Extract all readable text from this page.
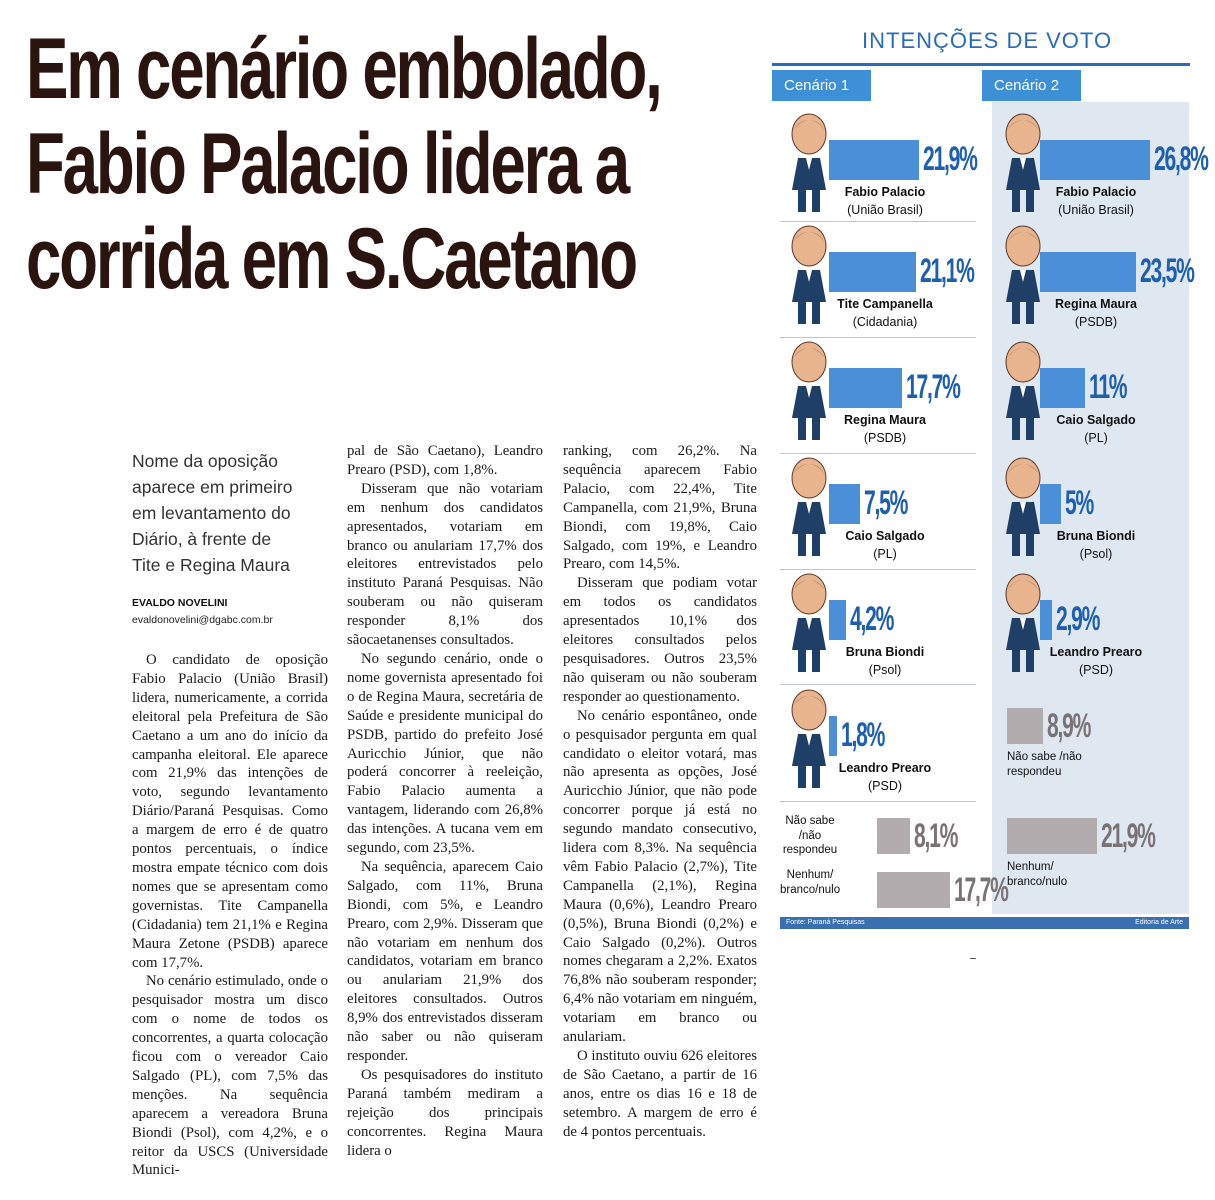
Em cenário embolado,
Fabio Palacio lidera a
corrida em S.Caetano
Nome da oposição
aparece em primeiro
em levantamento do
Diário, à frente de
Tite e Regina Maura
EVALDO NOVELINI
evaldonovelini@dgabc.com.br

O candidato de oposição Fabio Palacio (União Brasil) lidera, numericamente, a corrida eleitoral pela Prefeitura de São Caetano a um ano do início da campanha eleitoral. Ele aparece com 21,9% das intenções de voto, segundo levantamento Diário/Paraná Pesquisas. Como a margem de erro é de quatro pontos percentuais, o índice mostra empate técnico com dois nomes que se apresentam como governistas. Tite Campanella (Cidadania) tem 21,1% e Regina Maura Zetone (PSDB) aparece com 17,7%.

No cenário estimulado, onde o pesquisador mostra um disco com o nome de todos os concorrentes, a quarta colocação ficou com o vereador Caio Salgado (PL), com 7,5% das menções. Na sequência aparecem a vereadora Bruna Biondi (Psol), com 4,2%, e o reitor da USCS (Universidade Munici-

pal de São Caetano), Leandro Prearo (PSD), com 1,8%.

Disseram que não votariam em nenhum dos candidatos apresentados, votariam em branco ou anulariam 17,7% dos eleitores entrevistados pelo instituto Paraná Pesquisas. Não souberam ou não quiseram responder 8,1% dos sãocaetanenses consultados.

No segundo cenário, onde o nome governista apresentado foi o de Regina Maura, secretária de Saúde e presidente municipal do PSDB, partido do prefeito José Auricchio Júnior, que não poderá concorrer à reeleição, Fabio Palacio aumenta a vantagem, liderando com 26,8% das intenções. A tucana vem em segundo, com 23,5%.

Na sequência, aparecem Caio Salgado, com 11%, Bruna Biondi, com 5%, e Leandro Prearo, com 2,9%. Disseram que não votariam em nenhum dos candidatos, votariam em branco ou anulariam 21,9% dos eleitores consultados. Outros 8,9% dos entrevistados disseram não saber ou não quiseram responder.

Os pesquisadores do instituto Paraná também mediram a rejeição dos principais concorrentes. Regina Maura lidera o

ranking, com 26,2%. Na sequência aparecem Fabio Palacio, com 22,4%, Tite Campanella, com 21,9%, Bruna Biondi, com 19,8%, Caio Salgado, com 19%, e Leandro Prearo, com 14,5%.

Disseram que podiam votar em todos os candidatos apresentados 10,1% dos eleitores consultados pelos pesquisadores. Outros 23,5% não quiseram ou não souberam responder ao questionamento.

No cenário espontâneo, onde o pesquisador pergunta em qual candidato o eleitor votará, mas não apresenta as opções, José Auricchio Júnior, que não pode concorrer porque já está no segundo mandato consecutivo, lidera com 8,3%. Na sequência vêm Fabio Palacio (2,7%), Tite Campanella (2,1%), Regina Maura (0,6%), Leandro Prearo (0,5%), Bruna Biondi (0,2%) e Caio Salgado (0,2%). Outros nomes chegaram a 2,2%. Exatos 76,8% não souberam responder; 6,4% não votariam em ninguém, votariam em branco ou anulariam.

O instituto ouviu 626 eleitores de São Caetano, a partir de 16 anos, entre os dias 16 e 18 de setembro. A margem de erro é de 4 pontos percentuais.

INTENÇÕES DE VOTO
Cenário 1	Cenário 2
21,9%
Fabio Palacio
(União Brasil)
21,1%
Tite Campanella
(Cidadania)
17,7%
Regina Maura
(PSDB)
7,5%
Caio Salgado
(PL)
4,2%
Bruna Biondi
(Psol)
1,8%
Leandro Prearo
(PSD)
8,1%
Não sabe
/não
respondeu
17,7%
Nenhum/
branco/nulo
26,8%
Fabio Palacio
(União Brasil)
23,5%
Regina Maura
(PSDB)
11%
Caio Salgado
(PL)
5%
Bruna Biondi
(Psol)
2,9%
Leandro Prearo
(PSD)
8,9%
Não sabe /não
respondeu
21,9%
Nenhum/
branco/nulo
Fonte: Paraná Pesquisas	Editoria de Arte
